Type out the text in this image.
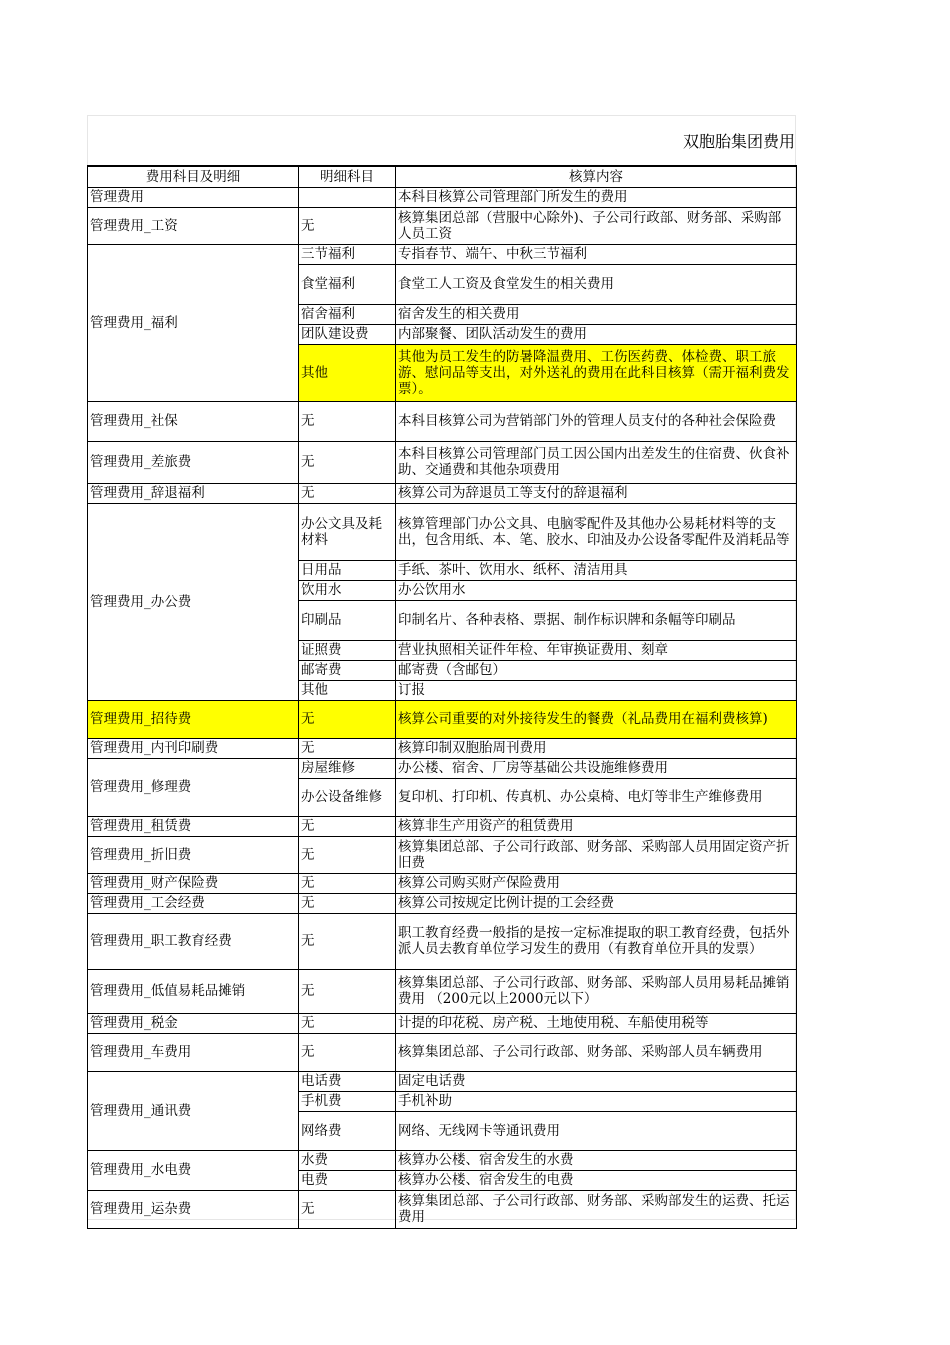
双胞胎集团费用
费用科目及明细	明细科目	核算内容
管理费用		本科目核算公司管理部门所发生的费用
管理费用_工资	无	核算集团总部（营服中心除外)、子公司行政部、财务部、采购部人员工资
管理费用_福利	三节福利	专指春节、端午、中秋三节福利
	食堂福利	食堂工人工资及食堂发生的相关费用
	宿舍福利	宿舍发生的相关费用
	团队建设费	内部聚餐、团队活动发生的费用
	其他	其他为员工发生的防暑降温费用、工伤医药费、体检费、职工旅游、慰问品等支出，对外送礼的费用在此科目核算（需开福利费发票）。
管理费用_社保	无	本科目核算公司为营销部门外的管理人员支付的各种社会保险费
管理费用_差旅费	无	本科目核算公司管理部门员工因公国内出差发生的住宿费、伙食补助、交通费和其他杂项费用
管理费用_辞退福利	无	核算公司为辞退员工等支付的辞退福利
管理费用_办公费	办公文具及耗材料	核算管理部门办公文具、电脑零配件及其他办公易耗材料等的支出，包含用纸、本、笔、胶水、印油及办公设备零配件及消耗品等
	日用品	手纸、茶叶、饮用水、纸杯、清洁用具
	饮用水	办公饮用水
	印刷品	印制名片、各种表格、票据、制作标识牌和条幅等印刷品
	证照费	营业执照相关证件年检、年审换证费用、刻章
	邮寄费	邮寄费（含邮包）
	其他	订报
管理费用_招待费	无	核算公司重要的对外接待发生的餐费（礼品费用在福利费核算)
管理费用_内刊印刷费	无	核算印制双胞胎周刊费用
管理费用_修理费	房屋维修	办公楼、宿舍、厂房等基础公共设施维修费用
	办公设备维修	复印机、打印机、传真机、办公桌椅、电灯等非生产维修费用
管理费用_租赁费	无	核算非生产用资产的租赁费用
管理费用_折旧费	无	核算集团总部、子公司行政部、财务部、采购部人员用固定资产折旧费
管理费用_财产保险费	无	核算公司购买财产保险费用
管理费用_工会经费	无	核算公司按规定比例计提的工会经费
管理费用_职工教育经费	无	职工教育经费一般指的是按一定标准提取的职工教育经费，包括外派人员去教育单位学习发生的费用（有教育单位开具的发票）
管理费用_低值易耗品摊销	无	核算集团总部、子公司行政部、财务部、采购部人员用易耗品摊销费用 （200元以上2000元以下）
管理费用_税金	无	计提的印花税、房产税、土地使用税、车船使用税等
管理费用_车费用	无	核算集团总部、子公司行政部、财务部、采购部人员车辆费用
管理费用_通讯费	电话费	固定电话费
	手机费	手机补助
	网络费	网络、无线网卡等通讯费用
管理费用_水电费	水费	核算办公楼、宿舍发生的水费
	电费	核算办公楼、宿舍发生的电费
管理费用_运杂费	无	核算集团总部、子公司行政部、财务部、采购部发生的运费、托运费用
